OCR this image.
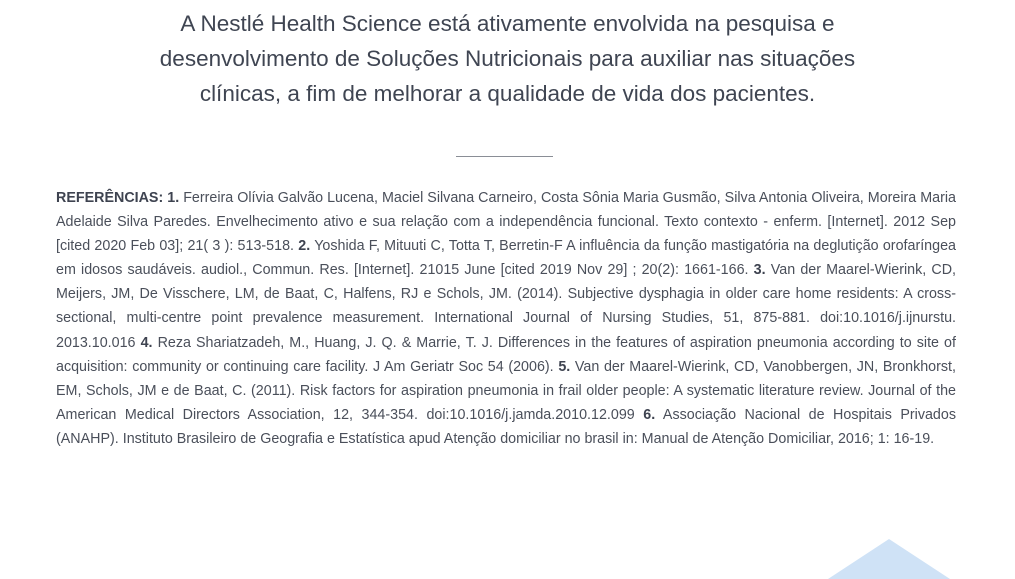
A Nestlé Health Science está ativamente envolvida na pesquisa e
desenvolvimento de Soluções Nutricionais para auxiliar nas situações
clínicas, a fim de melhorar a qualidade de vida dos pacientes.

REFERÊNCIAS: 1. Ferreira Olívia Galvão Lucena, Maciel Silvana Carneiro, Costa Sônia Maria Gusmão, Silva Antonia Oliveira, Moreira Maria Adelaide Silva Paredes. Envelhecimento ativo e sua relação com a independência funcional. Texto contexto - enferm. [Internet]. 2012 Sep [cited 2020 Feb 03]; 21( 3 ): 513-518. 2. Yoshida F, Mituuti C, Totta T, Berretin-F A influência da função mastigatória na deglutição orofaríngea em idosos saudáveis. audiol., Commun. Res. [Internet]. 21015 June [cited 2019 Nov 29] ; 20(2): 1661-166. 3. Van der Maarel-Wierink, CD, Meijers, JM, De Visschere, LM, de Baat, C, Halfens, RJ e Schols, JM. (2014). Subjective dysphagia in older care home residents: A cross-sectional, multi-centre point prevalence measurement. International Journal of Nursing Studies, 51, 875-881. doi:10.1016/j.ijnurstu. 2013.10.016 4. Reza Shariatzadeh, M., Huang, J. Q. & Marrie, T. J. Differences in the features of aspiration pneumonia according to site of acquisition: community or continuing care facility. J Am Geriatr Soc 54 (2006). 5. Van der Maarel-Wierink, CD, Vanobbergen, JN, Bronkhorst, EM, Schols, JM e de Baat, C. (2011). Risk factors for aspiration pneumonia in frail older people: A systematic literature review. Journal of the American Medical Directors Association, 12, 344-354. doi:10.1016/j.jamda.2010.12.099 6. Associação Nacional de Hospitais Privados (ANAHP). Instituto Brasileiro de Geografia e Estatística apud Atenção domiciliar no brasil in: Manual de Atenção Domiciliar, 2016; 1: 16-19.
